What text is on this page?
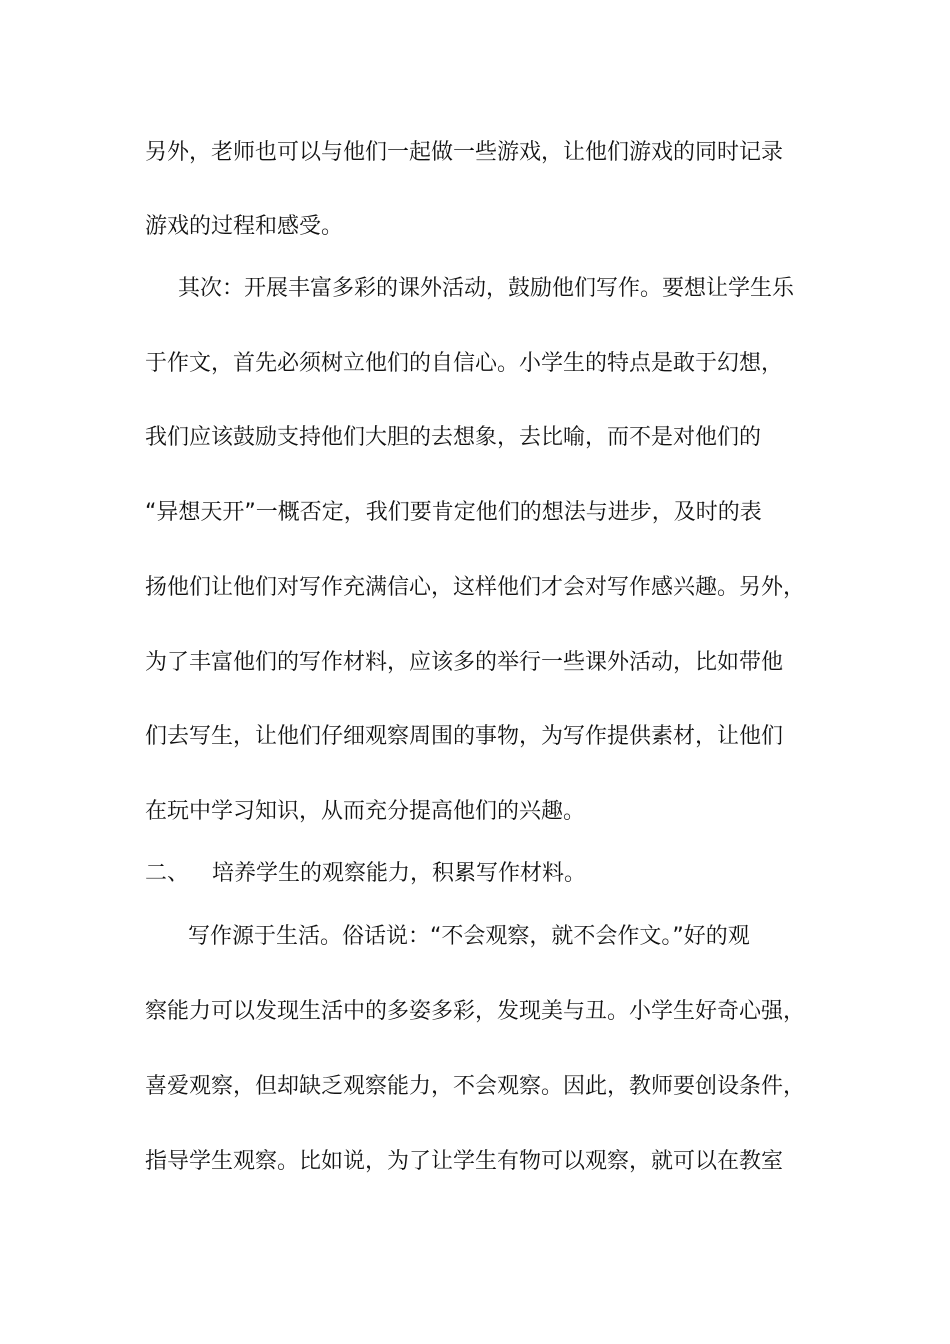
另外，老师也可以与他们一起做一些游戏，让他们游戏的同时记录

游戏的过程和感受。

其次：开展丰富多彩的课外活动，鼓励他们写作。要想让学生乐

于作文，首先必须树立他们的自信心。小学生的特点是敢于幻想，

我们应该鼓励支持他们大胆的去想象，去比喻，而不是对他们的

“异想天开”一概否定，我们要肯定他们的想法与进步，及时的表

扬他们让他们对写作充满信心，这样他们才会对写作感兴趣。另外，

为了丰富他们的写作材料，应该多的举行一些课外活动，比如带他

们去写生，让他们仔细观察周围的事物，为写作提供素材，让他们

在玩中学习知识，从而充分提高他们的兴趣。

二、 培养学生的观察能力，积累写作材料。

写作源于生活。俗话说：“不会观察，就不会作文。”好的观

察能力可以发现生活中的多姿多彩，发现美与丑。小学生好奇心强，

喜爱观察，但却缺乏观察能力，不会观察。因此，教师要创设条件，

指导学生观察。比如说，为了让学生有物可以观察，就可以在教室
